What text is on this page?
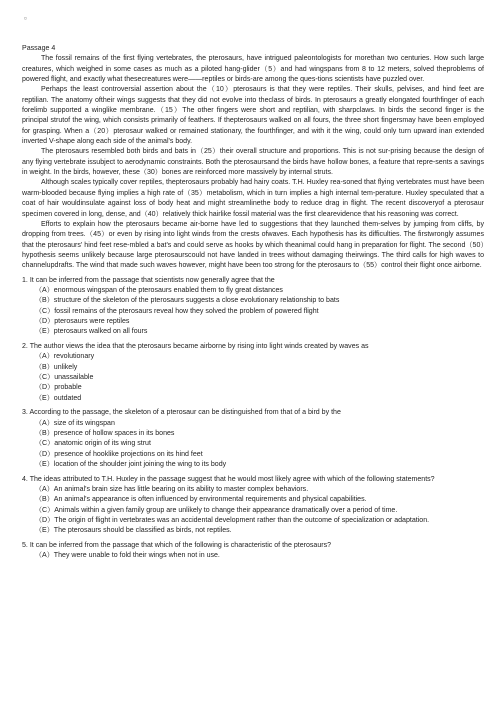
¤
Passage 4

The fossil remains of the first flying vertebrates, the pterosaurs, have intrigued paleontologists for morethan two centuries. How such large creatures, which weighed in some cases as much as a piloted hang-glider（5）and had wingspans from 8 to 12 meters, solved theproblems of powered flight, and exactly what thesecreatures were——reptiles or birds-are among the ques-tions scientists have puzzled over.

Perhaps the least controversial assertion about the（10）pterosaurs is that they were reptiles. Their skulls, pelvises, and hind feet are reptilian. The anatomy oftheir wings suggests that they did not evolve into theclass of birds. In pterosaurs a greatly elongated fourthfinger of each forelimb supported a winglike membrane.（15）The other fingers were short and reptilian, with sharpclaws. In birds the second finger is the principal strutof the wing, which consists primarily of feathers. If thepterosaurs walked on all fours, the three short fingersmay have been employed for grasping. When a（20）pterosaur walked or remained stationary, the fourthfinger, and with it the wing, could only turn upward inan extended inverted V-shape along each side of the animal's body.

The pterosaurs resembled both birds and bats in（25）their overall structure and proportions. This is not sur-prising because the design of any flying vertebrate issubject to aerodynamic constraints. Both the pterosaursand the birds have hollow bones, a feature that repre-sents a savings in weight. In the birds, however, these（30）bones are reinforced more massively by internal struts.

Although scales typically cover reptiles, thepterosaurs probably had hairy coats. T.H. Huxley rea-soned that flying vertebrates must have been warm-blooded because flying implies a high rate of（35）metabolism, which in turn implies a high internal tem-perature. Huxley speculated that a coat of hair wouldinsulate against loss of body heat and might streamlinethe body to reduce drag in flight. The recent discoveryof a pterosaur specimen covered in long, dense, and（40）relatively thick hairlike fossil material was the first clearevidence that his reasoning was correct.

Efforts to explain how the pterosaurs became air-borne have led to suggestions that they launched them-selves by jumping from cliffs, by dropping from trees.（45）or even by rising into light winds from the crests ofwaves. Each hypothesis has its difficulties. The firstwrongly assumes that the pterosaurs' hind feet rese-mbled a bat's and could serve as hooks by which theanimal could hang in preparation for flight. The second（50）hypothesis seems unlikely because large pterosaurscould not have landed in trees without damaging theirwings. The third calls for high waves to channelupdrafts. The wind that made such waves however, might have been too strong for the pterosaurs to（55）control their flight once airborne.

1. It can be inferred from the passage that scientists now generally agree that the

（A）enormous wingspan of the pterosaurs enabled them to fly great distances

（B）structure of the skeleton of the pterosaurs suggests a close evolutionary relationship to bats

（C）fossil remains of the pterosaurs reveal how they solved the problem of powered flight

（D）pterosaurs were reptiles

（E）pterosaurs walked on all fours

2. The author views the idea that the pterosaurs became airborne by rising into light winds created by waves as

（A）revolutionary

（B）unlikely

（C）unassailable

（D）probable

（E）outdated

3. According to the passage, the skeleton of a pterosaur can be distinguished from that of a bird by the

（A）size of its wingspan

（B）presence of hollow spaces in its bones

（C）anatomic origin of its wing strut

（D）presence of hooklike projections on its hind feet

（E）location of the shoulder joint joining the wing to its body

4. The ideas attributed to T.H. Huxley in the passage suggest that he would most likely agree with which of the following statements?

（A）An animal's brain size has little bearing on its ability to master complex behaviors.

（B）An animal's appearance is often influenced by environmental requirements and physical capabilities.

（C）Animals within a given family group are unlikely to change their appearance dramatically over a period of time.

（D）The origin of flight in vertebrates was an accidental development rather than the outcome of specialization or adaptation.

（E）The pterosaurs should be classified as birds, not reptiles.

5. It can be inferred from the passage that which of the following is characteristic of the pterosaurs?

（A）They were unable to fold their wings when not in use.
